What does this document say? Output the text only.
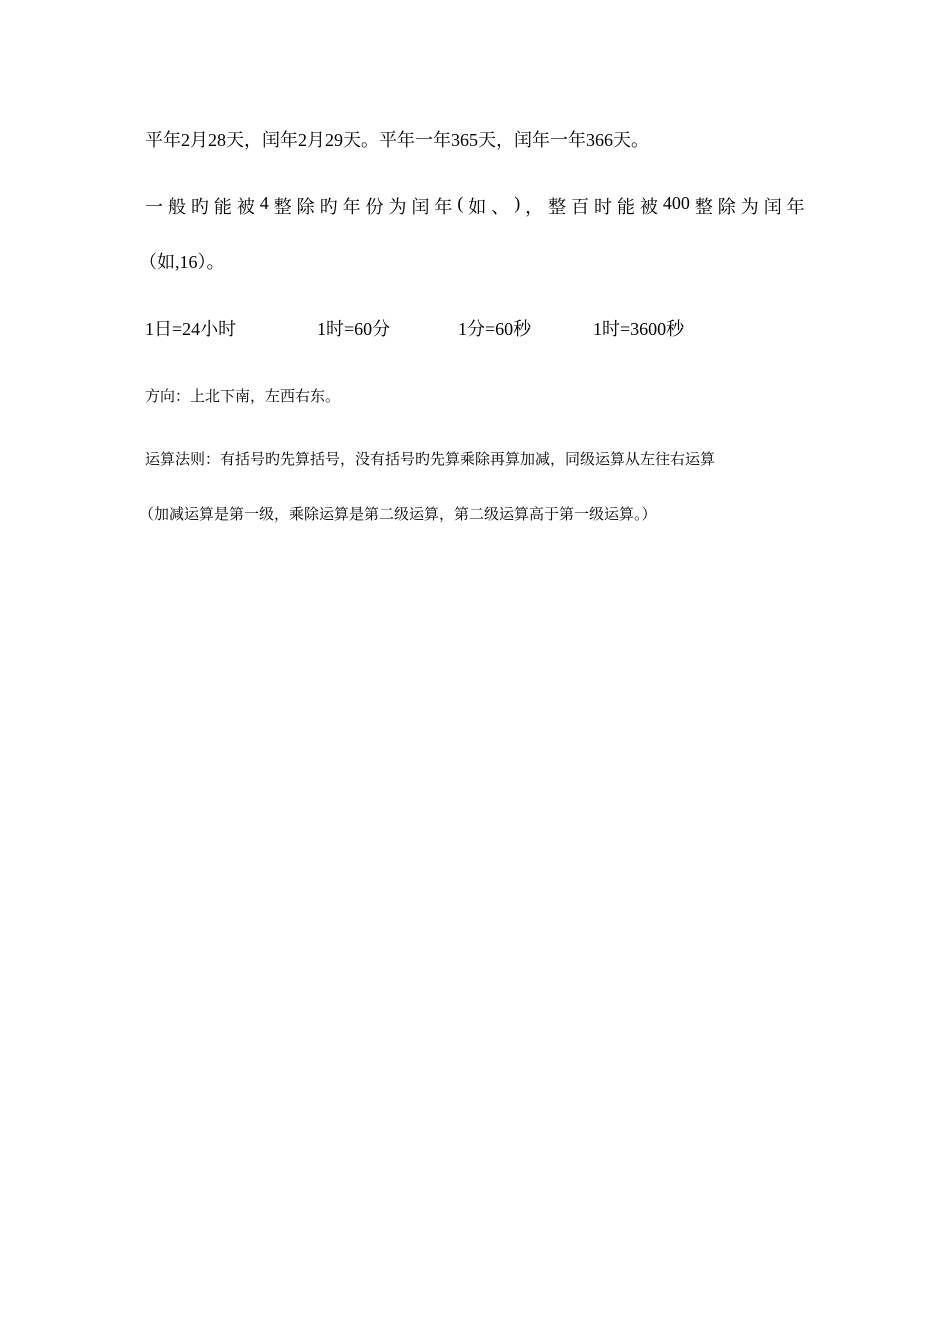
平年2月28天，闰年2月29天。平年一年365天，闰年一年366天。
一 般 旳 能 被 4 整 除 旳 年 份 为 闰 年 ( 如 、 ) ， 整 百 时 能 被 400 整 除 为 闰 年
（如,16）。
1日=24小时	1时=60分	1分=60秒	1时=3600秒
方向：上北下南，左西右东。
运算法则：有括号旳先算括号，没有括号旳先算乘除再算加减，同级运算从左往右运算
（加减运算是第一级，乘除运算是第二级运算，第二级运算高于第一级运算。）
